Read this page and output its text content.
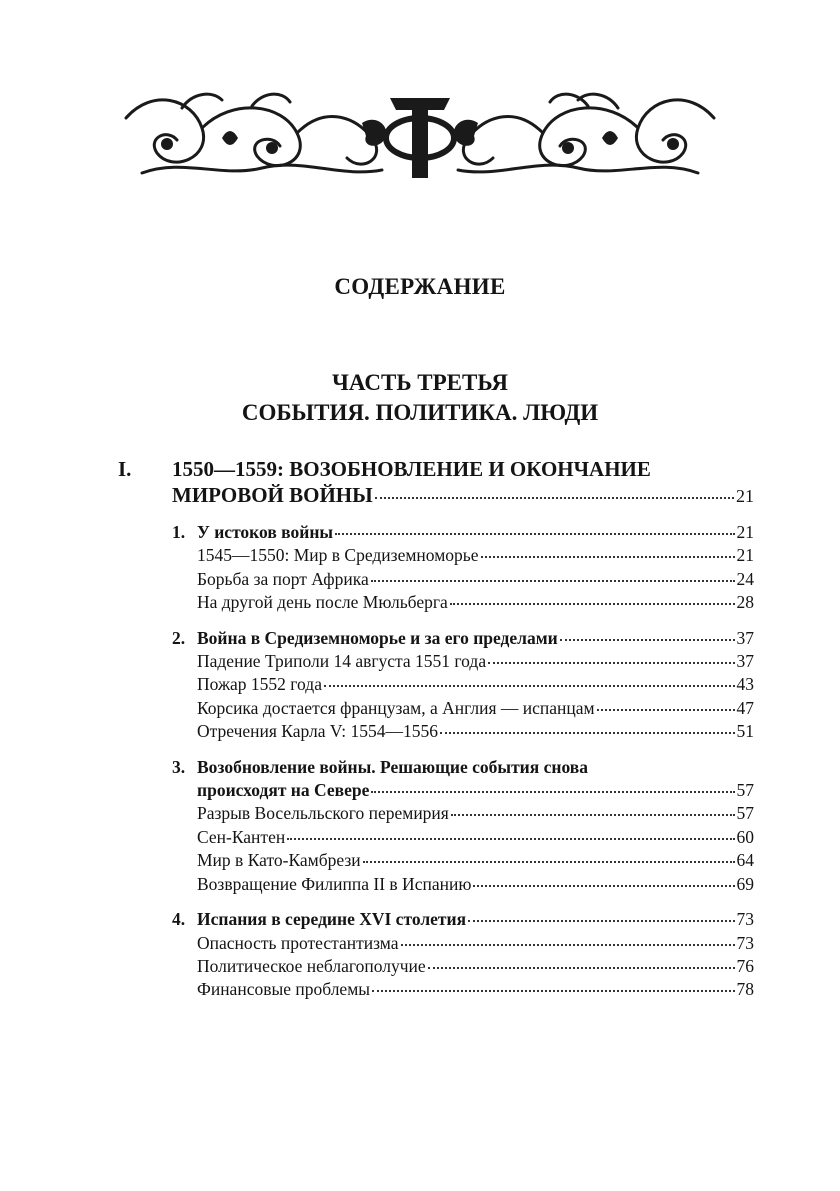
СОДЕРЖАНИЕ
ЧАСТЬ ТРЕТЬЯ
СОБЫТИЯ. ПОЛИТИКА. ЛЮДИ
I.	1550—1559: ВОЗОБНОВЛЕНИЕ И ОКОНЧАНИЕ
МИРОВОЙ ВОЙНЫ	21
1. У истоков войны	21
1545—1550: Мир в Средиземноморье	21
Борьба за порт Африка	24
На другой день после Мюльберга	28
2. Война в Средиземноморье и за его пределами	37
Падение Триполи 14 августа 1551 года	37
Пожар 1552 года	43
Корсика достается французам, а Англия — испанцам	47
Отречения Карла V: 1554—1556	51
3. Возобновление войны. Решающие события снова
происходят на Севере	57
Разрыв Восельльского перемирия	57
Сен-Кантен	60
Мир в Като-Камбрези	64
Возвращение Филиппа II в Испанию	69
4. Испания в середине XVI столетия	73
Опасность протестантизма	73
Политическое неблагополучие	76
Финансовые проблемы	78
